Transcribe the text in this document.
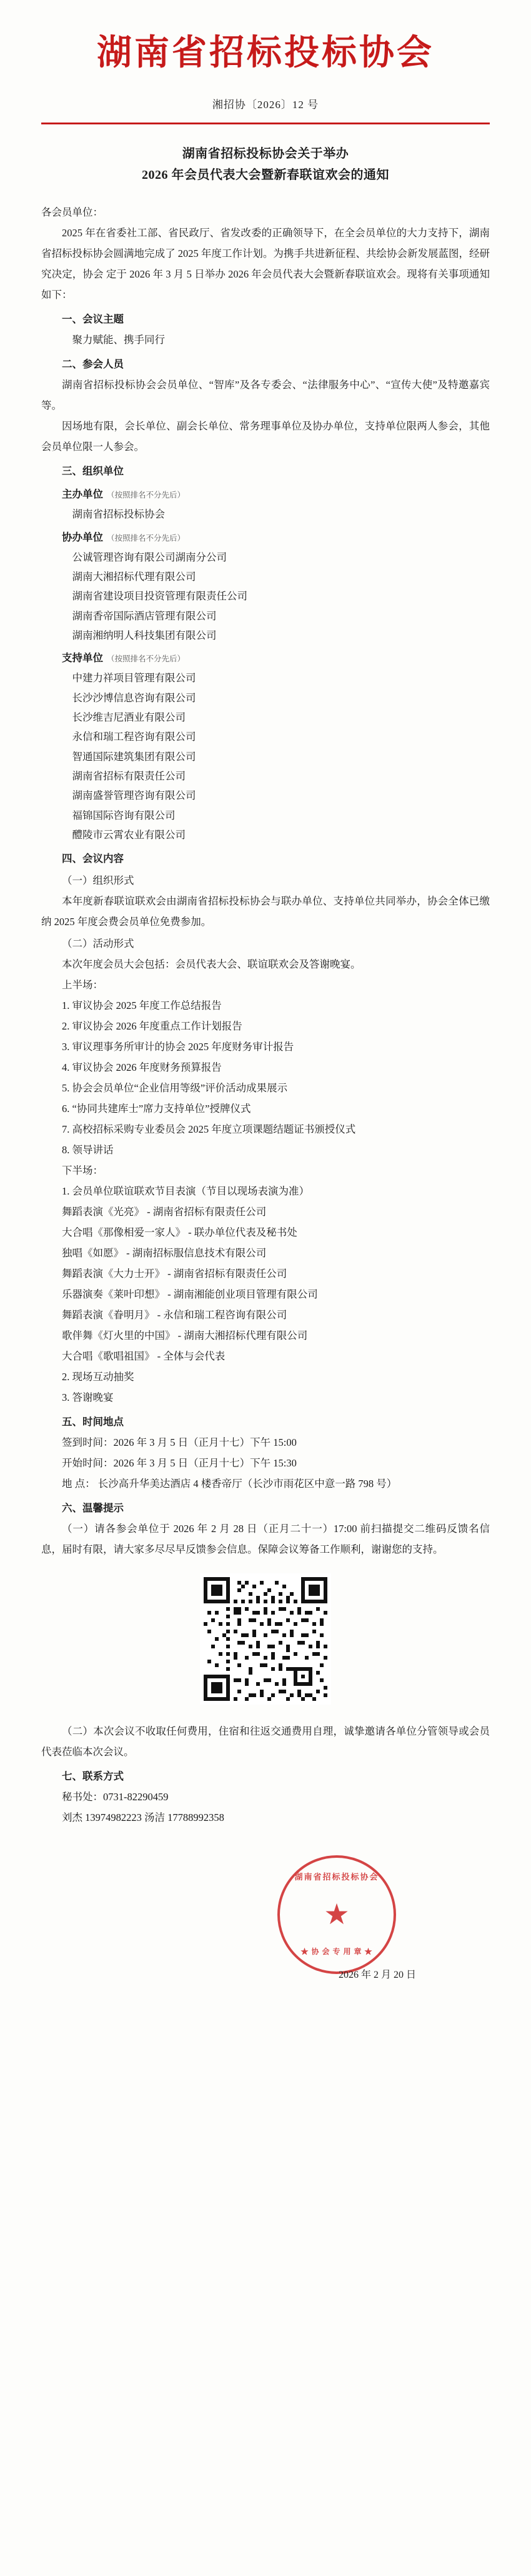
湖南省招标投标协会
湘招协〔2026〕12 号
湖南省招标投标协会关于举办
2026 年会员代表大会暨新春联谊欢会的通知

各会员单位：

2025 年在省委社工部、省民政厅、省发改委的正确领导下，在全会员单位的大力支持下，湖南省招标投标协会圆满地完成了 2025 年度工作计划。为携手共进新征程、共绘协会新发展蓝图，经研究决定，协会 定于 2026 年 3 月 5 日举办 2026 年会员代表大会暨新春联谊欢会。现将有关事项通知如下：

一、会议主题

聚力赋能、携手同行

二、参会人员

湖南省招标投标协会会员单位、“智库”及各专委会、“法律服务中心”、“宣传大使”及特邀嘉宾等。

因场地有限，会长单位、副会长单位、常务理事单位及协办单位，支持单位限两人参会，其他会员单位限一人参会。

三、组织单位

主办单位 （按照排名不分先后）

湖南省招标投标协会

协办单位 （按照排名不分先后）

公诚管理咨询有限公司湖南分公司

湖南大湘招标代理有限公司

湖南省建设项目投资管理有限责任公司

湖南香帝国际酒店管理有限公司

湖南湘纳明人科技集团有限公司

支持单位 （按照排名不分先后）

中建力祥项目管理有限公司

长沙沙博信息咨询有限公司

长沙维吉尼酒业有限公司

永信和瑞工程咨询有限公司

智通国际建筑集团有限公司

湖南省招标有限责任公司

湖南盛誉管理咨询有限公司

福锦国际咨询有限公司

醴陵市云霄农业有限公司

四、会议内容

（一）组织形式

本年度新春联谊联欢会由湖南省招标投标协会与联办单位、支持单位共同举办，协会全体已缴纳 2025 年度会费会员单位免费参加。

（二）活动形式

本次年度会员大会包括：会员代表大会、联谊联欢会及答谢晚宴。

上半场：

1. 审议协会 2025 年度工作总结报告

2. 审议协会 2026 年度重点工作计划报告

3. 审议理事务所审计的协会 2025 年度财务审计报告

4. 审议协会 2026 年度财务预算报告

5. 协会会员单位“企业信用等级”评价活动成果展示

6. “协同共建库士”席力支持单位”授牌仪式

7. 高校招标采购专业委员会 2025 年度立项课题结题证书颁授仪式

8. 领导讲话

下半场：

1. 会员单位联谊联欢节目表演（节目以现场表演为准）

舞蹈表演《光亮》 - 湖南省招标有限责任公司

大合唱《那像相爱一家人》 - 联办单位代表及秘书处

独唱《如愿》 - 湖南招标服信息技术有限公司

舞蹈表演《大力士开》 - 湖南省招标有限责任公司

乐器演奏《莱叶印想》 - 湖南湘能创业项目管理有限公司

舞蹈表演《眷明月》 - 永信和瑞工程咨询有限公司

歌伴舞《灯火里的中国》 - 湖南大湘招标代理有限公司

大合唱《歌唱祖国》 - 全体与会代表

2. 现场互动抽奖

3. 答谢晚宴

五、时间地点

签到时间：2026 年 3 月 5 日（正月十七）下午 15:00

开始时间：2026 年 3 月 5 日（正月十七）下午 15:30

地 点： 长沙高升华美达酒店 4 楼香帝厅（长沙市雨花区中意一路 798 号）

六、温馨提示

（一）请各参会单位于 2026 年 2 月 28 日（正月二十一）17:00 前扫描提交二维码反馈名信息，届时有限，请大家多尽尽早反馈参会信息。保障会议筹备工作顺利，谢谢您的支持。

（二）本次会议不收取任何费用，住宿和往返交通费用自理，诚挚邀请各单位分管领导或会员代表莅临本次会议。

七、联系方式

秘书处：0731-82290459

刘杰 13974982223 汤洁 17788992358

湖南省招标投标协会
★
★ 协 会 专 用 章 ★
2026 年 2 月 20 日
